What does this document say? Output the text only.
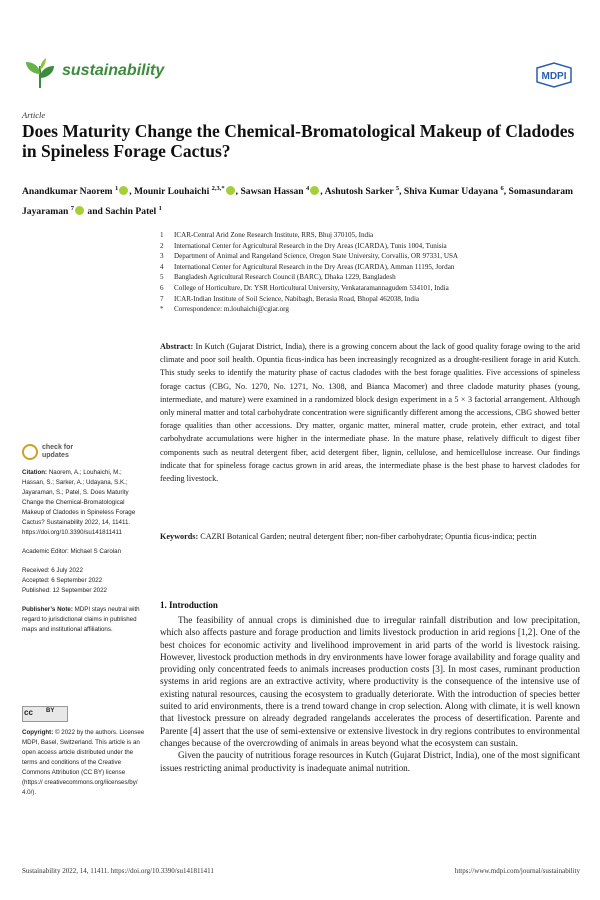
sustainability	MDPI
Article
Does Maturity Change the Chemical-Bromatological Makeup of Cladodes in Spineless Forage Cactus?
Anandkumar Naorem $^1$ , Mounir Louhaichi $^{2,3,*}$ , Sawsan Hassan $^4$ , Ashutosh Sarker $^5$, Shiva Kumar Udayana $^6$, Somasundaram Jayaraman $^7$ and Sachin Patel $^1$
1	ICAR-Central Arid Zone Research Institute, RRS, Bhuj 370105, India
2	International Center for Agricultural Research in the Dry Areas (ICARDA), Tunis 1004, Tunisia
3	Department of Animal and Rangeland Science, Oregon State University, Corvallis, OR 97331, USA
4	International Center for Agricultural Research in the Dry Areas (ICARDA), Amman 11195, Jordan
5	Bangladesh Agricultural Research Council (BARC), Dhaka 1229, Bangladesh
6	College of Horticulture, Dr. YSR Horticultural University, Venkataramannagudem 534101, India
7	ICAR-Indian Institute of Soil Science, Nabibagh, Berasia Road, Bhopal 462038, India
*	Correspondence: m.louhaichi@cgiar.org
Abstract: In Kutch (Gujarat District, India), there is a growing concern about the lack of good quality forage owing to the arid climate and poor soil health. Opuntia ficus-indica has been increasingly recognized as a drought-resilient forage in arid Kutch. This study seeks to identify the maturity phase of cactus cladodes with the best forage qualities. Five accessions of spineless forage cactus (CBG, No. 1270, No. 1271, No. 1308, and Bianca Macomer) and three cladode maturity phases (young, intermediate, and mature) were examined in a randomized block design experiment in a 5 × 3 factorial arrangement. Although only mineral matter and total carbohydrate concentration were significantly different among the accessions, CBG showed better forage qualities than other accessions. Dry matter, organic matter, mineral matter, crude protein, ether extract, and total carbohydrate accumulations were higher in the intermediate phase. In the mature phase, relatively difficult to digest fiber components such as neutral detergent fiber, acid detergent fiber, lignin, cellulose, and hemicellulose increase. Our findings indicate that for spineless forage cactus grown in arid areas, the intermediate phase is the best phase to harvest cladodes for feeding livestock.
Keywords: CAZRI Botanical Garden; neutral detergent fiber; non-fiber carbohydrate; Opuntia ficus-indica; pectin
check for
updates

Citation: Naorem, A.; Louhaichi, M.; Hassan, S.; Sarker, A.; Udayana, S.K.; Jayaraman, S.; Patel, S. Does Maturity Change the Chemical-Bromatological Makeup of Cladodes in Spineless Forage Cactus? Sustainability 2022, 14, 11411. https://doi.org/10.3390/su141811411

Academic Editor: Michael S Carolan

Received: 6 July 2022

Accepted: 6 September 2022

Published: 12 September 2022

Publisher’s Note: MDPI stays neutral with regard to jurisdictional claims in published maps and institutional affiliations.

cc BY
Copyright: © 2022 by the authors. Licensee MDPI, Basel, Switzerland. This article is an open access article distributed under the terms and conditions of the Creative Commons Attribution (CC BY) license (https:// creativecommons.org/licenses/by/ 4.0/).
1. Introduction

The feasibility of annual crops is diminished due to irregular rainfall distribution and low precipitation, which also affects pasture and forage production and limits livestock production in arid regions [1,2]. One of the best choices for economic activity and livelihood improvement in arid parts of the world is livestock raising. However, livestock production methods in dry environments have lower forage availability and forage quality and providing only concentrated feeds to animals increases production costs [3]. In most cases, ruminant production systems in arid regions are an extractive activity, where productivity is the consequence of the intensive use of existing natural resources, causing the ecosystem to gradually deteriorate. With the introduction of species better suited to arid environments, there is a trend toward change in crop selection. Along with climate, it is well known that livestock pressure on already degraded rangelands accelerates the process of desertification. Parente and Parente [4] assert that the use of semi-extensive or extensive livestock in dry regions contributes to environmental changes because of the overcrowding of animals in areas beyond what the ecosystem can sustain.

Given the paucity of nutritious forage resources in Kutch (Gujarat District, India), one of the most significant issues restricting animal productivity is inadequate animal nutrition.

Sustainability 2022, 14, 11411. https://doi.org/10.3390/su141811411	https://www.mdpi.com/journal/sustainability
